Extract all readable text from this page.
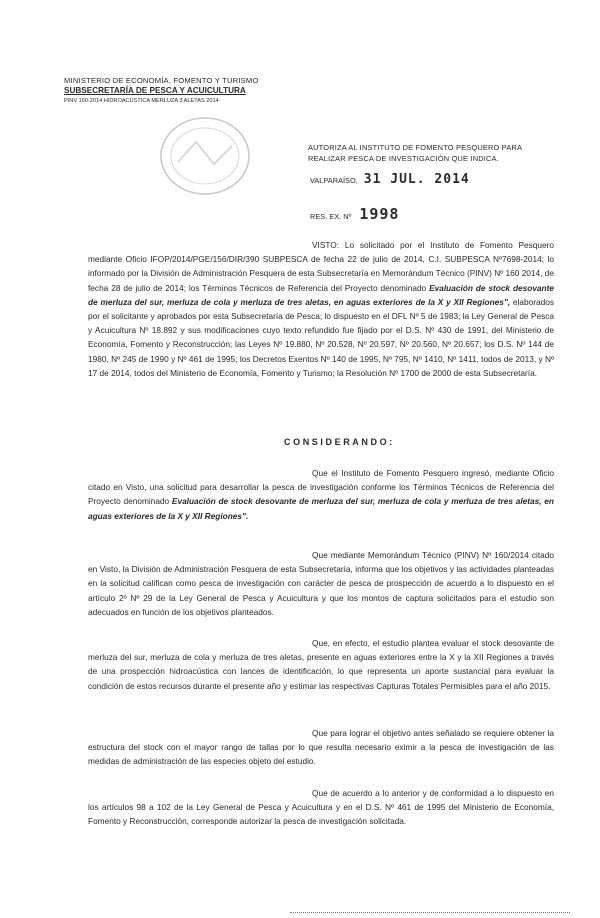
MINISTERIO DE ECONOMÍA, FOMENTO Y TURISMO
SUBSECRETARÍA DE PESCA Y ACUICULTURA
PINV 160-2014 HIDROACÚSTICA MERLUZA 3 ALETAS 2014
AUTORIZA AL INSTITUTO DE FOMENTO PESQUERO PARA REALIZAR PESCA DE INVESTIGACIÓN QUE INDICA.
VALPARAÍSO, 31 JUL. 2014
RES. EX. Nº 1998

VISTO: Lo solicitado por el Instituto de Fomento Pesquero mediante Oficio IFOP/2014/PGE/156/DIR/390 SUBPESCA de fecha 22 de julio de 2014, C.I. SUBPESCA Nº7698-2014; lo informado por la División de Administración Pesquera de esta Subsecretaría en Memorándum Técnico (PINV) Nº 160 2014, de fecha 28 de julio de 2014; los Términos Técnicos de Referencia del Proyecto denominado Evaluación de stock desovante de merluza del sur, merluza de cola y merluza de tres aletas, en aguas exteriores de la X y XII Regiones", elaborados por el solicitante y aprobados por esta Subsecretaría de Pesca; lo dispuesto en el DFL Nº 5 de 1983; la Ley General de Pesca y Acuicultura Nº 18.892 y sus modificaciones cuyo texto refundido fue fijado por el D.S. Nº 430 de 1991, del Ministerio de Economía, Fomento y Reconstrucción; las Leyes Nº 19.880, Nº 20.528, Nº 20.597, Nº 20.560, Nº 20.657; los D.S. Nº 144 de 1980, Nº 245 de 1990 y Nº 461 de 1995; los Decretos Exentos Nº 140 de 1995, Nº 795, Nº 1410, Nº 1411, todos de 2013, y Nº 17 de 2014, todos del Ministerio de Economía, Fomento y Turismo; la Resolución Nº 1700 de 2000 de esta Subsecretaría.

CONSIDERANDO:

Que el Instituto de Fomento Pesquero ingresó, mediante Oficio citado en Visto, una solicitud para desarrollar la pesca de investigación conforme los Términos Técnicos de Referencia del Proyecto denominado Evaluación de stock desovante de merluza del sur, merluza de cola y merluza de tres aletas, en aguas exteriores de la X y XII Regiones".

Que mediante Memorándum Técnico (PINV) Nº 160/2014 citado en Visto, la División de Administración Pesquera de esta Subsecretaría, informa que los objetivos y las actividades planteadas en la solicitud califican como pesca de investigación con carácter de pesca de prospección de acuerdo a lo dispuesto en el artículo 2º Nº 29 de la Ley General de Pesca y Acuicultura y que los montos de captura solicitados para el estudio son adecuados en función de los objetivos planteados.

Que, en efecto, el estudio plantea evaluar el stock desovante de merluza del sur, merluza de cola y merluza de tres aletas, presente en aguas exteriores entre la X y la XII Regiones a través de una prospección hidroacústica con lances de identificación, lo que representa un aporte sustancial para evaluar la condición de estos recursos durante el presente año y estimar las respectivas Capturas Totales Permisibles para el año 2015.

Que para lograr el objetivo antes señalado se requiere obtener la estructura del stock con el mayor rango de tallas por lo que resulta necesario eximir a la pesca de investigación de las medidas de administración de las especies objeto del estudio.

Que de acuerdo a lo anterior y de conformidad a lo dispuesto en los artículos 98 a 102 de la Ley General de Pesca y Acuicultura y en el D.S. Nº 461 de 1995 del Ministerio de Economía, Fomento y Reconstrucción, corresponde autorizar la pesca de investigación solicitada.
